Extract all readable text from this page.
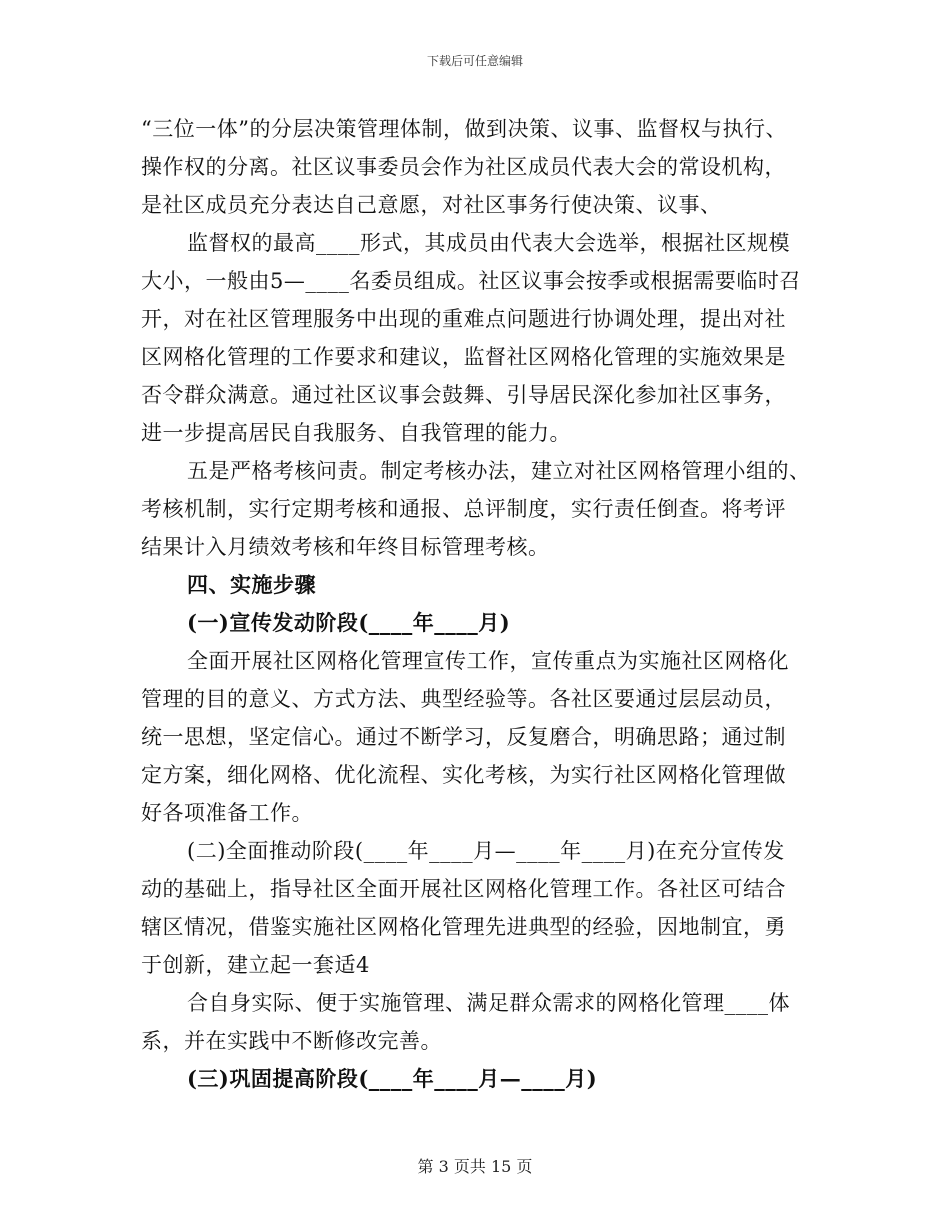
下载后可任意编辑
“三位一体”的分层决策管理体制，做到决策、议事、监督权与执行、
操作权的分离。社区议事委员会作为社区成员代表大会的常设机构，
是社区成员充分表达自己意愿，对社区事务行使决策、议事、
监督权的最高____形式，其成员由代表大会选举，根据社区规模
大小，一般由5—____名委员组成。社区议事会按季或根据需要临时召
开，对在社区管理服务中出现的重难点问题进行协调处理，提出对社
区网格化管理的工作要求和建议，监督社区网格化管理的实施效果是
否令群众满意。通过社区议事会鼓舞、引导居民深化参加社区事务，
进一步提高居民自我服务、自我管理的能力。
五是严格考核问责。制定考核办法，建立对社区网格管理小组的、
考核机制，实行定期考核和通报、总评制度，实行责任倒查。将考评
结果计入月绩效考核和年终目标管理考核。
四、实施步骤
(一)宣传发动阶段(____年____月)
全面开展社区网格化管理宣传工作，宣传重点为实施社区网格化
管理的目的意义、方式方法、典型经验等。各社区要通过层层动员，
统一思想，坚定信心。通过不断学习，反复磨合，明确思路；通过制
定方案，细化网格、优化流程、实化考核，为实行社区网格化管理做
好各项准备工作。
(二)全面推动阶段(____年____月—____年____月)在充分宣传发
动的基础上，指导社区全面开展社区网格化管理工作。各社区可结合
辖区情况，借鉴实施社区网格化管理先进典型的经验，因地制宜，勇
于创新，建立起一套适4
合自身实际、便于实施管理、满足群众需求的网格化管理____体
系，并在实践中不断修改完善。
(三)巩固提高阶段(____年____月—____月)
第 3 页共 15 页
